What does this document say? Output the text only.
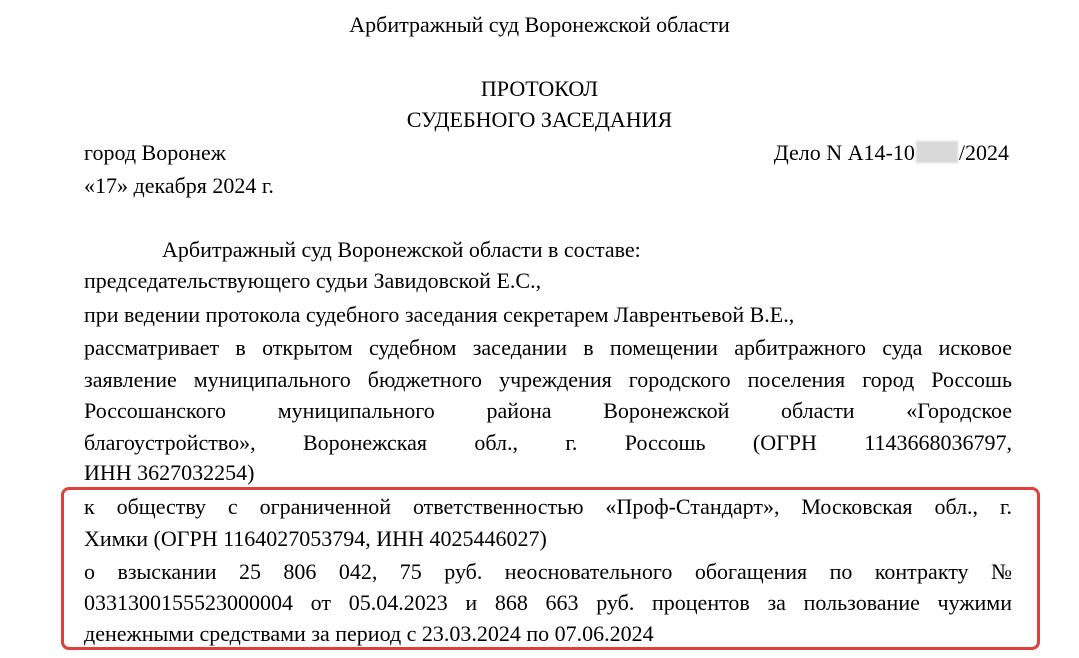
Арбитражный суд Воронежской области
ПРОТОКОЛ
СУДЕБНОГО ЗАСЕДАНИЯ
город Воронеж	Дело N А14-10 /2024
«17» декабря 2024 г.
Арбитражный суд Воронежской области в составе:
председательствующего судьи Завидовской Е.С.,
при ведении протокола судебного заседания секретарем Лаврентьевой В.Е.,
рассматривает в открытом судебном заседании в помещении арбитражного суда исковое
заявление муниципального бюджетного учреждения городского поселения город Россошь
Россошанского муниципального района Воронежской области «Городское
благоустройство», Воронежская обл., г. Россошь (ОГРН 1143668036797,
ИНН 3627032254)
к обществу с ограниченной ответственностью «Проф-Стандарт», Московская обл., г.
Химки (ОГРН 1164027053794, ИНН 4025446027)
о взыскании 25 806 042, 75 руб. неосновательного обогащения по контракту №
0331300155523000004 от 05.04.2023 и 868 663 руб. процентов за пользование чужими
денежными средствами за период с 23.03.2024 по 07.06.2024
